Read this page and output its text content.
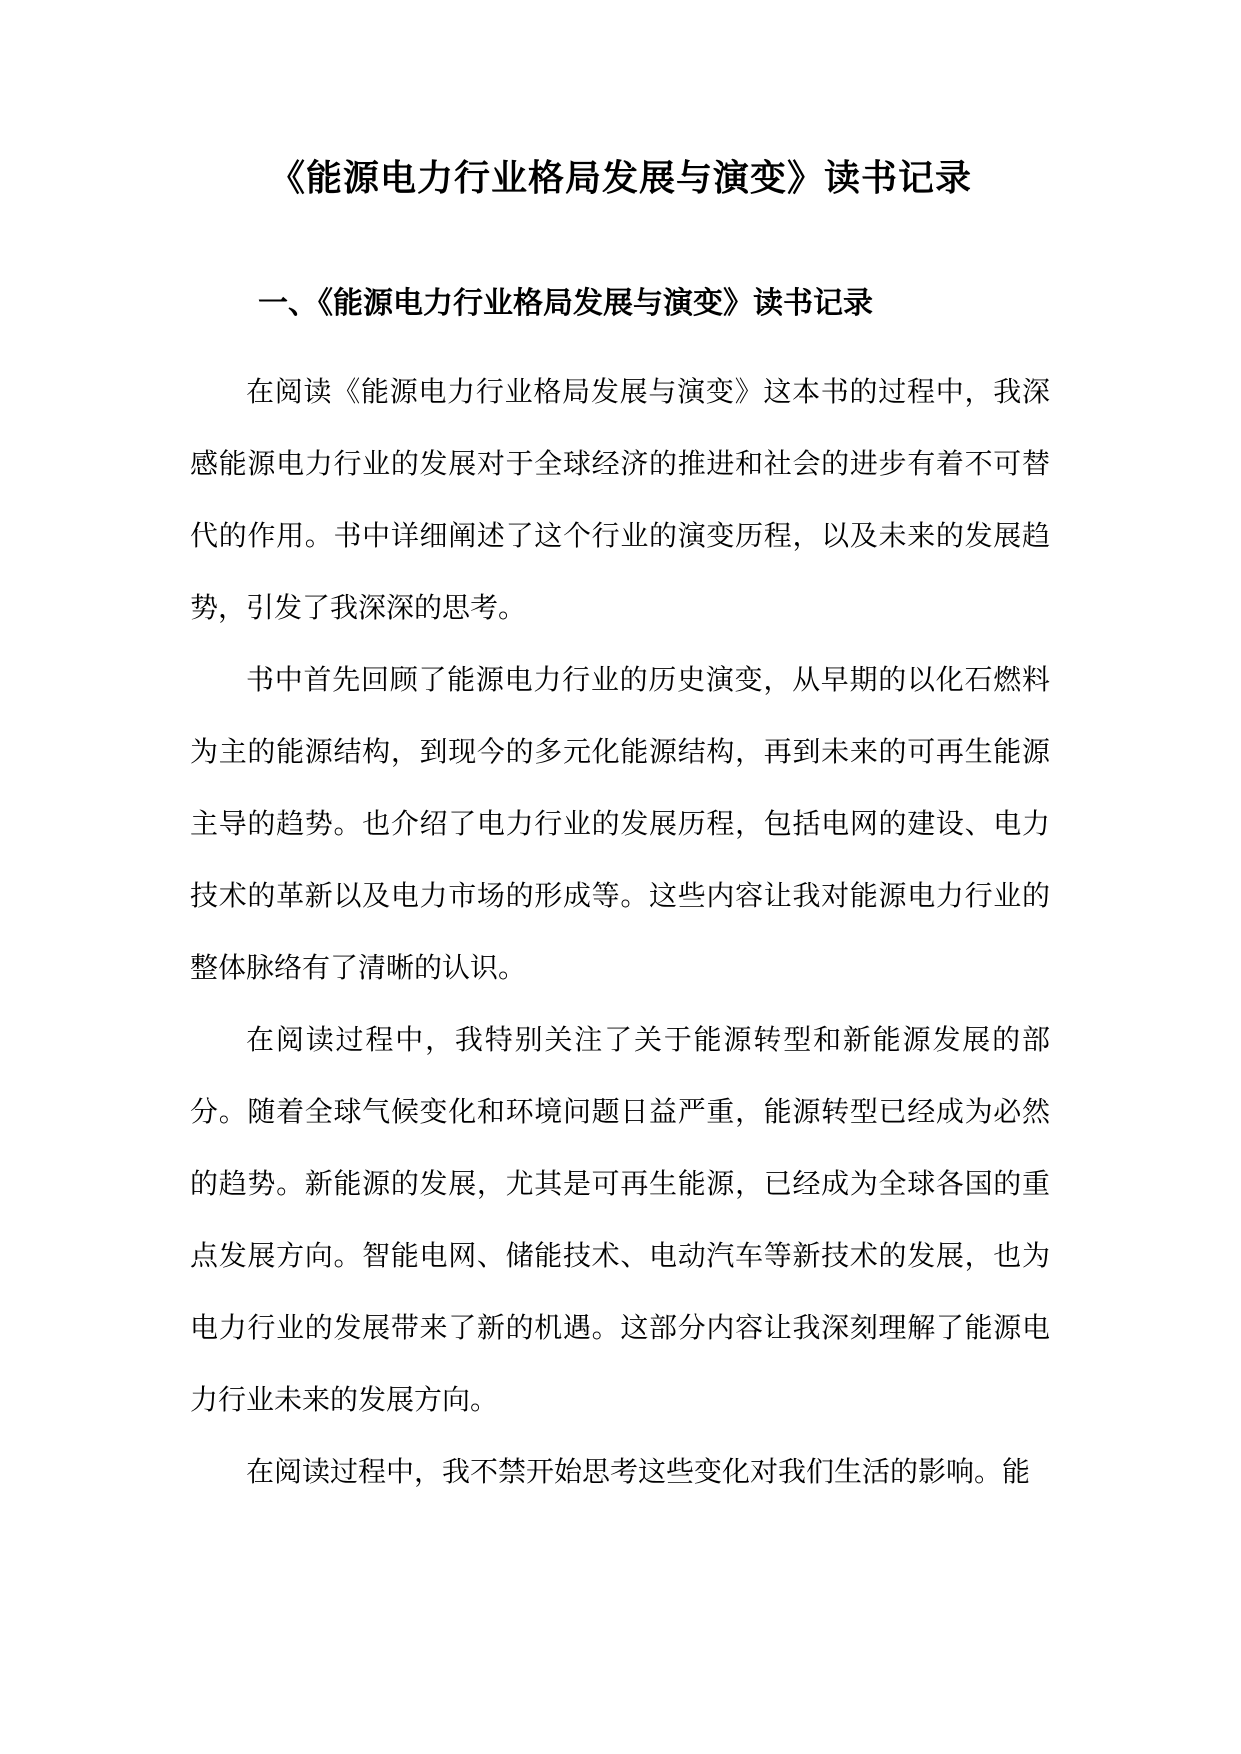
《能源电力行业格局发展与演变》读书记录
一、《能源电力行业格局发展与演变》读书记录

在阅读《能源电力行业格局发展与演变》这本书的过程中，我深感能源电力行业的发展对于全球经济的推进和社会的进步有着不可替代的作用。书中详细阐述了这个行业的演变历程，以及未来的发展趋势，引发了我深深的思考。

书中首先回顾了能源电力行业的历史演变，从早期的以化石燃料为主的能源结构，到现今的多元化能源结构，再到未来的可再生能源主导的趋势。也介绍了电力行业的发展历程，包括电网的建设、电力技术的革新以及电力市场的形成等。这些内容让我对能源电力行业的整体脉络有了清晰的认识。

在阅读过程中，我特别关注了关于能源转型和新能源发展的部分。随着全球气候变化和环境问题日益严重，能源转型已经成为必然的趋势。新能源的发展，尤其是可再生能源，已经成为全球各国的重点发展方向。智能电网、储能技术、电动汽车等新技术的发展，也为电力行业的发展带来了新的机遇。这部分内容让我深刻理解了能源电力行业未来的发展方向。

在阅读过程中，我不禁开始思考这些变化对我们生活的影响。能
